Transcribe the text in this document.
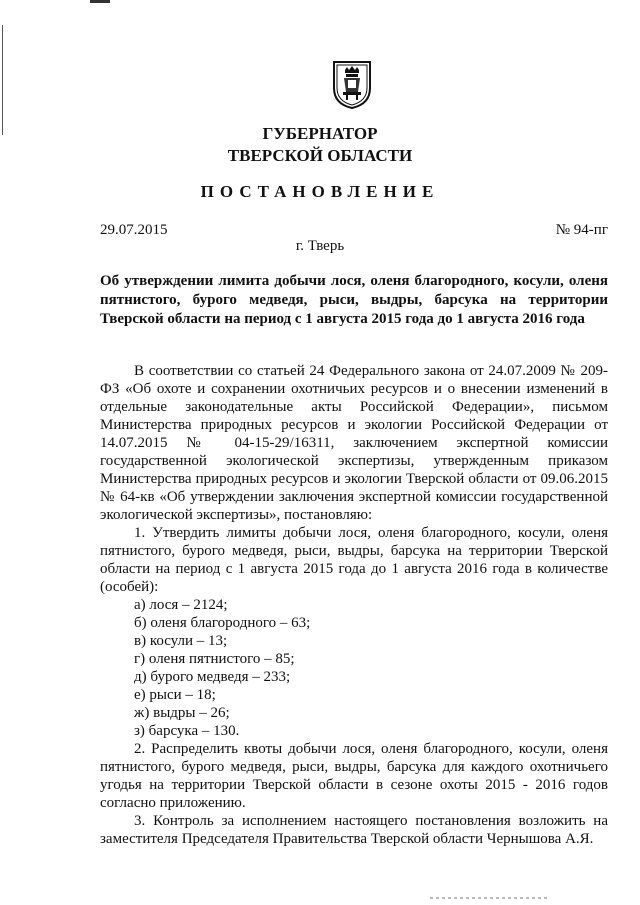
ГУБЕРНАТОР
ТВЕРСКОЙ ОБЛАСТИ
ПОСТАНОВЛЕНИЕ
29.07.2015	№ 94-пг
г. Тверь
Об утверждении лимита добычи лося, оленя благородного, косули, оленя пятнистого, бурого медведя, рыси, выдры, барсука на территории Тверской области на период с 1 августа 2015 года до 1 августа 2016 года

В соответствии со статьей 24 Федерального закона от 24.07.2009 № 209-ФЗ «Об охоте и сохранении охотничьих ресурсов и о внесении изменений в отдельные законодательные акты Российской Федерации», письмом Министерства природных ресурсов и экологии Российской Федерации от 14.07.2015 № 04-15-29/16311, заключением экспертной комиссии государственной экологической экспертизы, утвержденным приказом Министерства природных ресурсов и экологии Тверской области от 09.06.2015 № 64-кв «Об утверждении заключения экспертной комиссии государственной экологической экспертизы», постановляю:

1. Утвердить лимиты добычи лося, оленя благородного, косули, оленя пятнистого, бурого медведя, рыси, выдры, барсука на территории Тверской области на период с 1 августа 2015 года до 1 августа 2016 года в количестве (особей):

а) лося – 2124;
б) оленя благородного – 63;
в) косули – 13;
г) оленя пятнистого – 85;
д) бурого медведя – 233;
е) рыси – 18;
ж) выдры – 26;
з) барсука – 130.

2. Распределить квоты добычи лося, оленя благородного, косули, оленя пятнистого, бурого медведя, рыси, выдры, барсука для каждого охотничьего угодья на территории Тверской области в сезоне охоты 2015 - 2016 годов согласно приложению.

3. Контроль за исполнением настоящего постановления возложить на заместителя Председателя Правительства Тверской области Чернышова А.Я.
